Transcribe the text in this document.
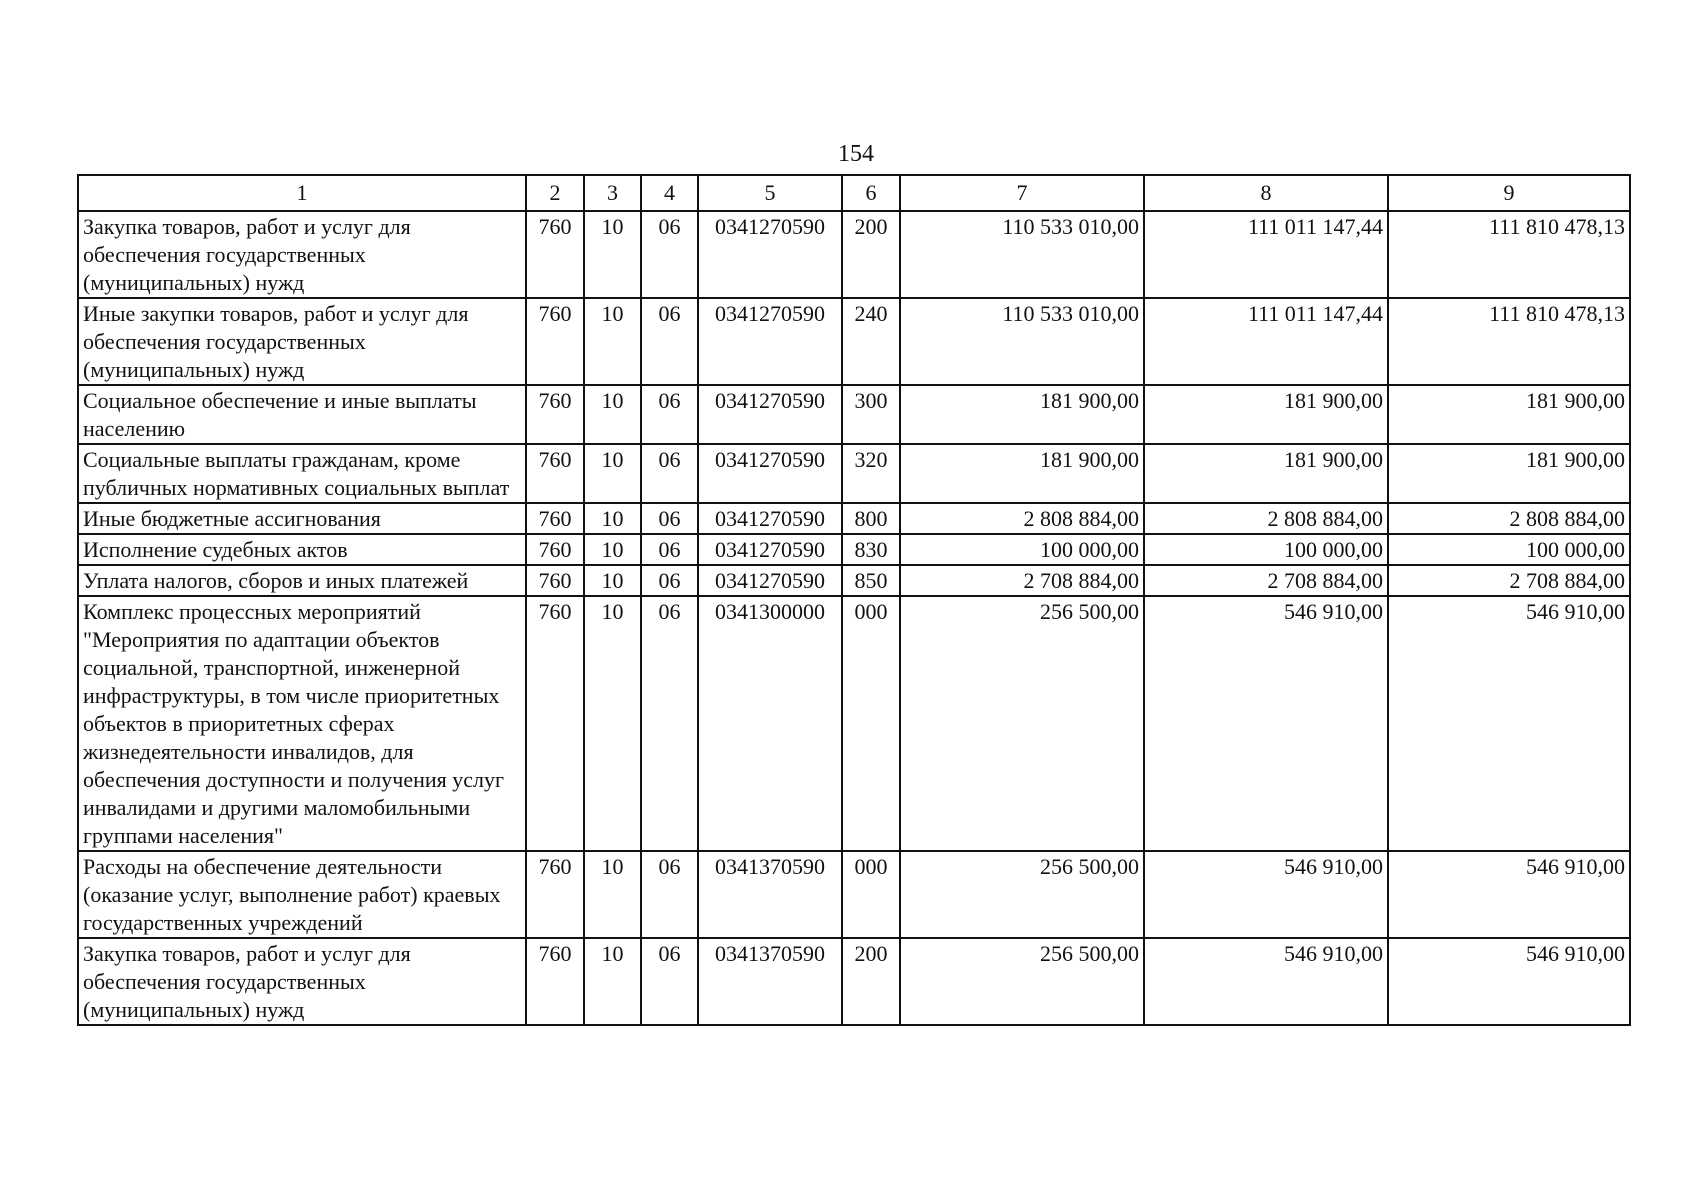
154
1	2	3	4	5	6	7	8	9
Закупка товаров, работ и услуг для обеспечения государственных (муниципальных) нужд	760	10	06	0341270590	200	110 533 010,00	111 011 147,44	111 810 478,13
Иные закупки товаров, работ и услуг для обеспечения государственных (муниципальных) нужд	760	10	06	0341270590	240	110 533 010,00	111 011 147,44	111 810 478,13
Социальное обеспечение и иные выплаты населению	760	10	06	0341270590	300	181 900,00	181 900,00	181 900,00
Социальные выплаты гражданам, кроме публичных нормативных социальных выплат	760	10	06	0341270590	320	181 900,00	181 900,00	181 900,00
Иные бюджетные ассигнования	760	10	06	0341270590	800	2 808 884,00	2 808 884,00	2 808 884,00
Исполнение судебных актов	760	10	06	0341270590	830	100 000,00	100 000,00	100 000,00
Уплата налогов, сборов и иных платежей	760	10	06	0341270590	850	2 708 884,00	2 708 884,00	2 708 884,00
Комплекс процессных мероприятий "Мероприятия по адаптации объектов социальной, транспортной, инженерной инфраструктуры, в том числе приоритетных объектов в приоритетных сферах жизнедеятельности инвалидов, для обеспечения доступности и получения услуг инвалидами и другими маломобильными группами населения"	760	10	06	0341300000	000	256 500,00	546 910,00	546 910,00
Расходы на обеспечение деятельности (оказание услуг, выполнение работ) краевых государственных учреждений	760	10	06	0341370590	000	256 500,00	546 910,00	546 910,00
Закупка товаров, работ и услуг для обеспечения государственных (муниципальных) нужд	760	10	06	0341370590	200	256 500,00	546 910,00	546 910,00
